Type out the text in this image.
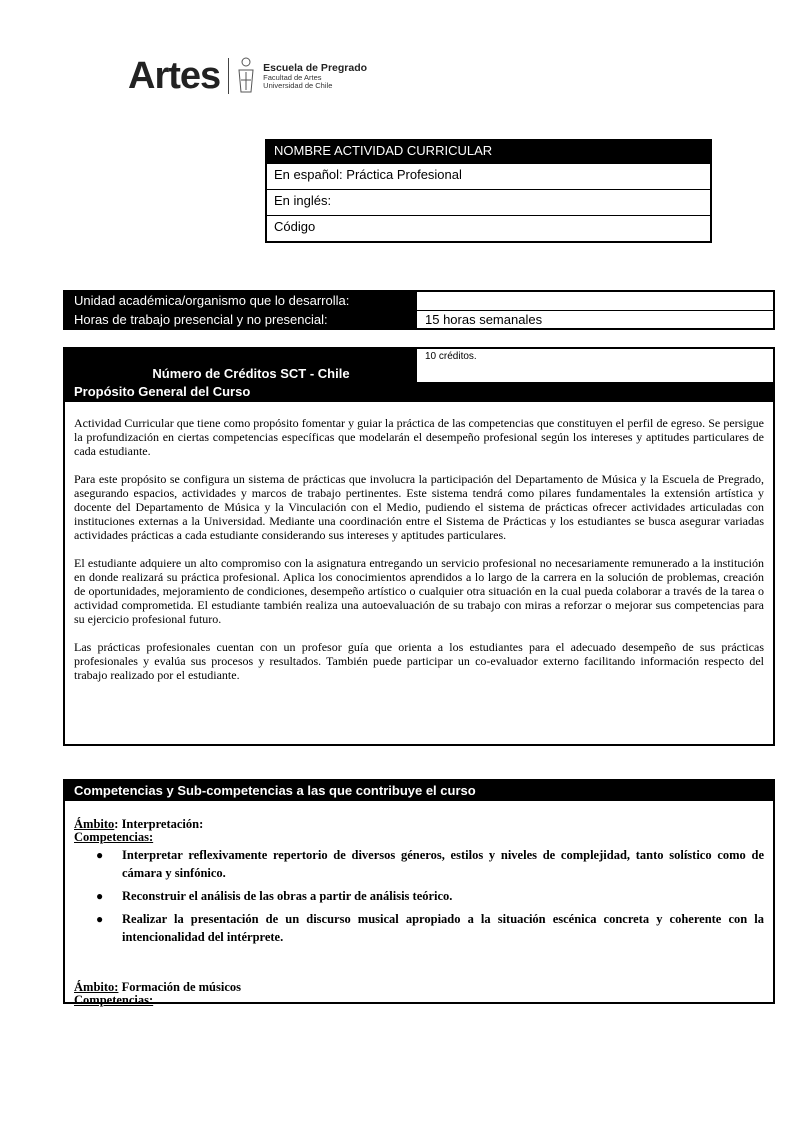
Artes	Escuela de Pregrado
Facultad de Artes
Universidad de Chile
NOMBRE ACTIVIDAD CURRICULAR
En español: Práctica Profesional
En inglés:
Código
Unidad académica/organismo que lo desarrolla:
Horas de trabajo presencial y no presencial:	15 horas semanales
Número de Créditos SCT - Chile
10 créditos.
Propósito General del Curso

Actividad Curricular que tiene como propósito fomentar y guiar la práctica de las competencias que constituyen el perfil de egreso. Se persigue la profundización en ciertas competencias específicas que modelarán el desempeño profesional según los intereses y aptitudes particulares de cada estudiante.

Para este propósito se configura un sistema de prácticas que involucra la participación del Departamento de Música y la Escuela de Pregrado, asegurando espacios, actividades y marcos de trabajo pertinentes. Este sistema tendrá como pilares fundamentales la extensión artística y docente del Departamento de Música y la Vinculación con el Medio, pudiendo el sistema de prácticas ofrecer actividades articuladas con instituciones externas a la Universidad. Mediante una coordinación entre el Sistema de Prácticas y los estudiantes se busca asegurar variadas actividades prácticas a cada estudiante considerando sus intereses y aptitudes particulares.

El estudiante adquiere un alto compromiso con la asignatura entregando un servicio profesional no necesariamente remunerado a la institución en donde realizará su práctica profesional. Aplica los conocimientos aprendidos a lo largo de la carrera en la solución de problemas, creación de oportunidades, mejoramiento de condiciones, desempeño artístico o cualquier otra situación en la cual pueda colaborar a través de la tarea o actividad comprometida. El estudiante también realiza una autoevaluación de su trabajo con miras a reforzar o mejorar sus competencias para su ejercicio profesional futuro.

Las prácticas profesionales cuentan con un profesor guía que orienta a los estudiantes para el adecuado desempeño de sus prácticas profesionales y evalúa sus procesos y resultados. También puede participar un co-evaluador externo facilitando información respecto del trabajo realizado por el estudiante.

Competencias y Sub-competencias a las que contribuye el curso
Ámbito: Interpretación:
Competencias:
● Interpretar reflexivamente repertorio de diversos géneros, estilos y niveles de complejidad, tanto solístico como de cámara y sinfónico.
● Reconstruir el análisis de las obras a partir de análisis teórico.
● Realizar la presentación de un discurso musical apropiado a la situación escénica concreta y coherente con la intencionalidad del intérprete.
Ámbito: Formación de músicos
Competencias:
